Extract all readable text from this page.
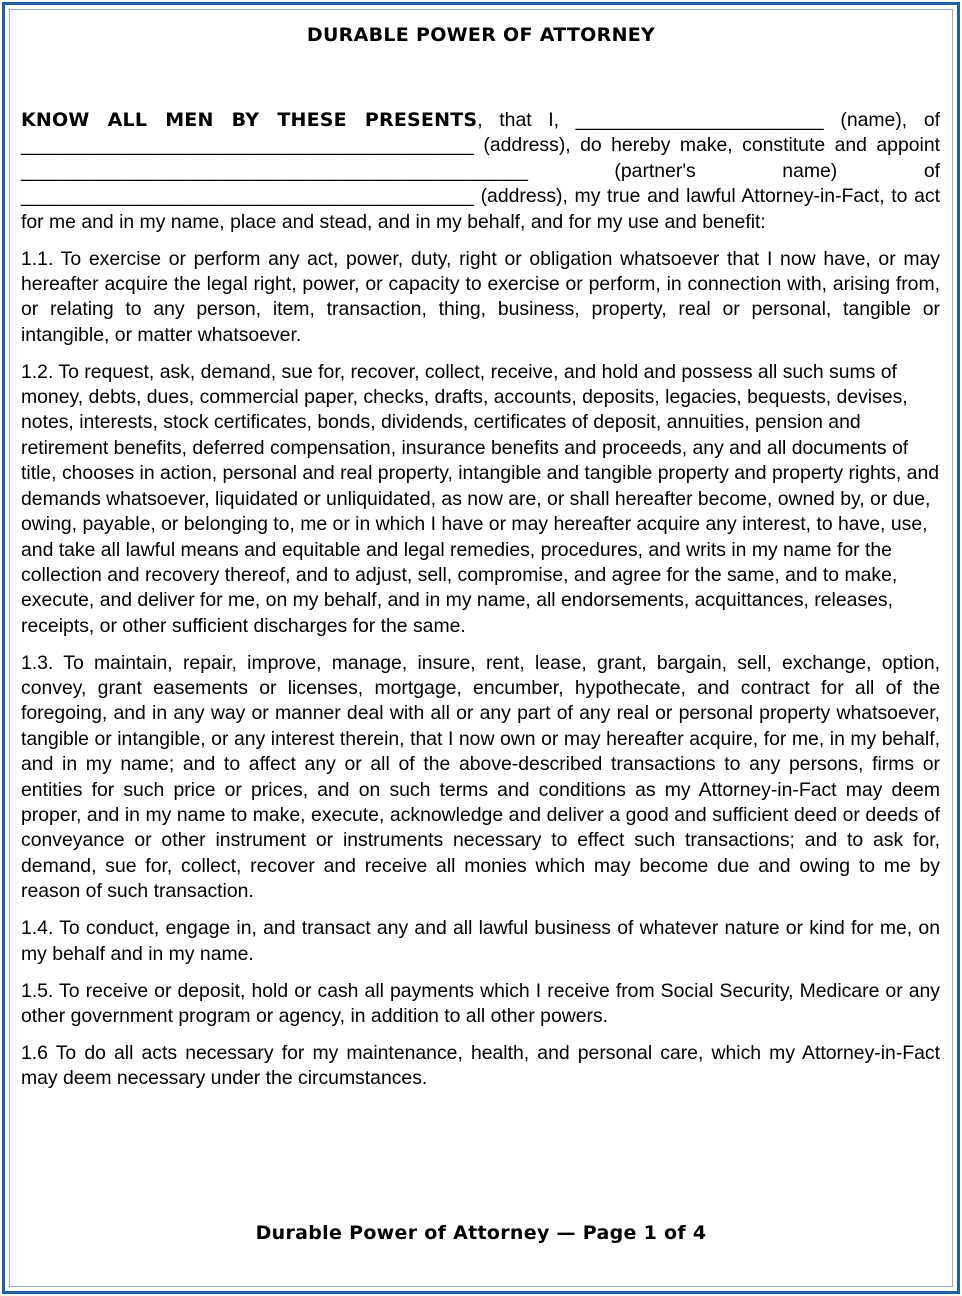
DURABLE POWER OF ATTORNEY

KNOW ALL MEN BY THESE PRESENTS, that I, _______________________ (name), of __________________________________________ (address), do hereby make, constitute and appoint _______________________________________________ (partner's name) of __________________________________________ (address), my true and lawful Attorney-in-Fact, to act for me and in my name, place and stead, and in my behalf, and for my use and benefit:

1.1. To exercise or perform any act, power, duty, right or obligation whatsoever that I now have, or may hereafter acquire the legal right, power, or capacity to exercise or perform, in connection with, arising from, or relating to any person, item, transaction, thing, business, property, real or personal, tangible or intangible, or matter whatsoever.

1.2. To request, ask, demand, sue for, recover, collect, receive, and hold and possess all such sums of money, debts, dues, commercial paper, checks, drafts, accounts, deposits, legacies, bequests, devises, notes, interests, stock certificates, bonds, dividends, certificates of deposit, annuities, pension and retirement benefits, deferred compensation, insurance benefits and proceeds, any and all documents of title, chooses in action, personal and real property, intangible and tangible property and property rights, and demands whatsoever, liquidated or unliquidated, as now are, or shall hereafter become, owned by, or due, owing, payable, or belonging to, me or in which I have or may hereafter acquire any interest, to have, use, and take all lawful means and equitable and legal remedies, procedures, and writs in my name for the collection and recovery thereof, and to adjust, sell, compromise, and agree for the same, and to make, execute, and deliver for me, on my behalf, and in my name, all endorsements, acquittances, releases, receipts, or other sufficient discharges for the same.

1.3. To maintain, repair, improve, manage, insure, rent, lease, grant, bargain, sell, exchange, option, convey, grant easements or licenses, mortgage, encumber, hypothecate, and contract for all of the foregoing, and in any way or manner deal with all or any part of any real or personal property whatsoever, tangible or intangible, or any interest therein, that I now own or may hereafter acquire, for me, in my behalf, and in my name; and to affect any or all of the above-described transactions to any persons, firms or entities for such price or prices, and on such terms and conditions as my Attorney-in-Fact may deem proper, and in my name to make, execute, acknowledge and deliver a good and sufficient deed or deeds of conveyance or other instrument or instruments necessary to effect such transactions; and to ask for, demand, sue for, collect, recover and receive all monies which may become due and owing to me by reason of such transaction.

1.4. To conduct, engage in, and transact any and all lawful business of whatever nature or kind for me, on my behalf and in my name.

1.5. To receive or deposit, hold or cash all payments which I receive from Social Security, Medicare or any other government program or agency, in addition to all other powers.

1.6 To do all acts necessary for my maintenance, health, and personal care, which my Attorney-in-Fact may deem necessary under the circumstances.

Durable Power of Attorney — Page 1 of 4
